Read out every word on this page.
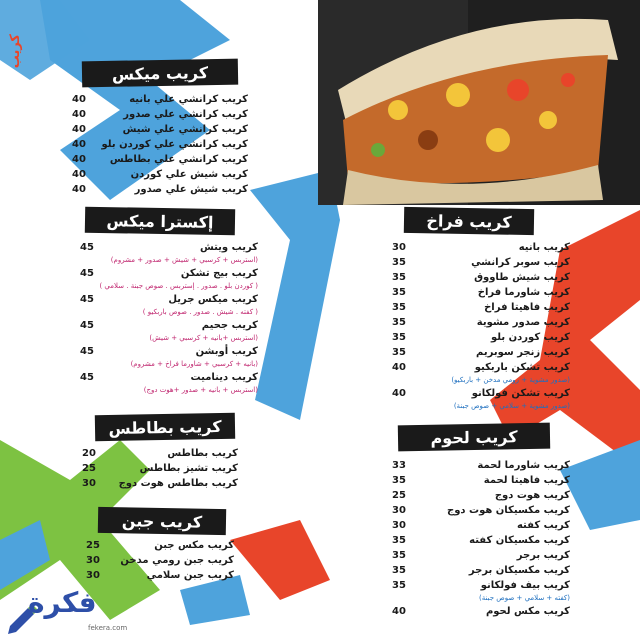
كريب
كريب ميكس
كريب كرانشي علي بانيه
40
كريب كرانشي علي صدور
40
كريب كرانشي علي شيش
40
كريب كرانشي علي كوردن بلو
40
كريب كرانشي علي بطاطس
40
كريب شيش علي كوردن
40
كريب شيش علي صدور
40
إكسترا ميكس
كريب ويتش
45
(استربس + كرسبي + شيش + صدور + مشروم)
كريب بيج تشكن
45
( كوردن بلو . صدور . إستربس . صوص جبنة . سلامي )
كريب ميكس جريل
45
( كفته . شيش . صدور . صوص باربكيو )
كريب جحيم
45
(استربس +بانيه + كرسبي + شيش)
كريب أوبشن
45
(بانيه + كرسبي + شاورما فراخ + مشروم)
كريب ديناميت
45
(استربس + بانيه + صدور +هوت دوج)
كريب بطاطس
كريب بطاطس
20
كريب تشيز بطاطس
25
كريب بطاطس هوت دوج
30
كريب جبن
كريب مكس جبن
25
كريب جبن رومي مدخن
30
كريب جبن سلامي
30
كريب فراخ
كريب بانيه
30
كريب سوبر كرانشي
35
كريب شيش طاووق
35
كريب شاورما فراخ
35
كريب فاهيتا فراخ
35
كريب صدور مشوية
35
كريب كوردن بلو
35
كريب زنجر سوبريم
35
كريب تشكن باربكيو
40
(صدور مشوية + رومي مدخن + باربكيو)
كريب تشكن فولكانو
40
(صدور مشوية + سلامي + صوص جبنة)
كريب لحوم
كريب شاورما لحمة
33
كريب فاهيتا لحمة
35
كريب هوت دوج
25
كريب مكسيكان هوت دوج
30
كريب كفته
30
كريب مكسيكان كفته
35
كريب برجر
35
كريب مكسيكان برجر
35
كريب بيف فولكانو
35
(كفته + سلامي + صوص جبنة)
كريب مكس لحوم
40
فكرة
fekera.com
